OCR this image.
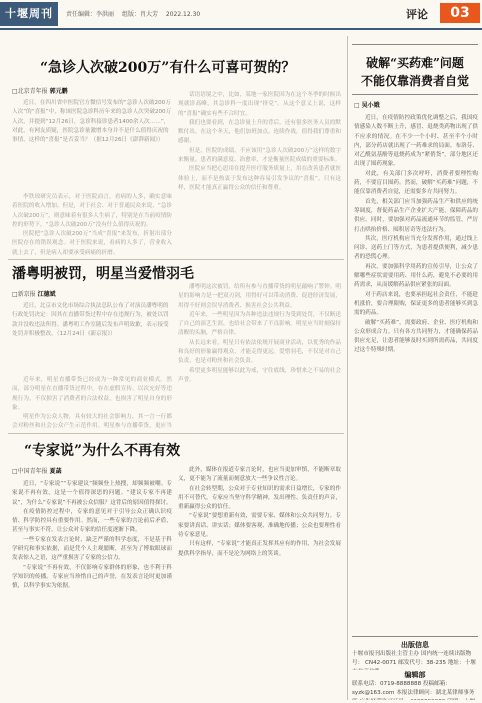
十堰周刊	责任编辑：李洪丽 组版：肖大芳 2022.12.30	评论	03
“急诊人次破200万”有什么可喜可贺的？
□北京青年报 郭元鹏

近日，在四川省中医院官方微信号发布的“急诊人次破200万人次”的“喜报”中，称该医院急诊科历年来的急诊人次突破200万人次，并提到“12月26日，急诊科接诊患者1400余人次……”，对此，有网友质疑，医院急诊量激增本身并不是什么值得庆祝的事情，这样的“喜报”是否妥当？（据12月26日《澎湃新闻》）

李铁琼研究员表示，对于医院而言，看病的人多，确实意味着医院的收入增加。但是，对于社会、对于普通民众来说，“急诊人次破200万”，则意味着有很多人生病了，特别是在当前疫情防控的形势下，“急诊人次破200万”没有什么值得庆祝的。

医院把“急诊人次破200万”当成“喜报”来发布，折射出部分医院存在的错误观念。对于医院来说，看病的人多了，营业收入就上去了，但是病人却要承受病痛的折磨。

话语语境之中，比如，某地一家医院因为在这个冬季的时候出现就诊高峰，其急诊科一度出现“挤兑”。从这个意义上说，这样的“喜报”确实有些不合时宜。

我们也要看到，在急诊量上升的背后，还有很多医务人员的默默付出。在这个冬天，他们加班加点、连续作战，值得我们尊重和感谢。

但是，医院的成绩，不应该用“急诊人次破200万”这样的数字来衡量。患者的满意度、治愈率，才是衡量医院成绩的重要标准。

医院应当把心思用在提升医疗服务质量上，用在改善患者就医体验上，而不是热衷于发布这种容易引发争议的“喜报”。只有这样，医院才能真正赢得公众的信任和尊重。

潘粤明被罚，明星当爱惜羽毛
□新京报 江德斌

近日，北京市文化市场综合执法总队公布了对演员潘粤明的行政处罚决定：因其在直播带货过程中存在违规行为，被处以罚款并没收违法所得。潘粤明工作室随后发布声明致歉，表示接受处罚并积极整改。（12月24日《新京报》）

近年来，明星直播带货已经成为一种常见的商业模式。然而，部分明星在直播带货过程中，存在虚假宣传、以次充好等违规行为，不仅损害了消费者的合法权益，也损害了明星自身的形象。

明星作为公众人物，具有较大的社会影响力，其一言一行都会对粉丝和社会公众产生示范作用。明星参与直播带货，更应当

潘粤明这次被罚，给所有参与直播带货的明星敲响了警钟。明星的影响力是一把双刃剑，用得好可以带动消费、促进经济发展，用得不好则会误导消费者、损害社会公共利益。

近年来，一些明星因为各种违法违规行为受到处罚，不仅断送了自己的演艺生涯，也给社会带来了不良影响。明星应当时刻保持清醒的头脑，严格自律。

从长远来看，明星只有依法依规开展商业活动，以优秀的作品和良好的形象赢得观众，才能走得更远。爱惜羽毛，不仅是对自己负责，也是对粉丝和社会负责。

希望更多明星能够以此为戒，守住底线，珍惜来之不易的社会声誉。

“专家说”为什么不再有效
□中国青年报 夏菡

近日，“专家说”“专家建议”频频登上热搜，却频频被嘲。专家说不再有效，这是一个值得深思的问题。“建议专家不再建议”，为什么“专家说”不再被公众信服？这背后的原因值得探讨。

在疫情防控过程中，专家的意见对于引导公众正确认识疫情、科学防控具有重要作用。然而，一些专家的言论前后矛盾，甚至与事实不符，让公众对专家的信任度逐渐下降。

一些专家在发表言论时，缺乏严谨的科学态度，不是基于科学研究和事实依据，而是凭个人主观臆断，甚至为了博取眼球而发表惊人之语，这严重损害了专家的公信力。

“专家说”不再有效，不仅影响专家群体的形象，也不利于科学知识的传播。专家应当珍惜自己的声誉，在发表言论时更加谨慎，以科学事实为依据。

此外，媒体在报道专家言论时，也应当更加审慎，不能断章取义，更不能为了流量而刻意放大一些争议性言论。

在社会转型期，公众对于专业知识的需求日益增长，专家的作用不可替代。专家应当坚守科学精神，发出理性、负责任的声音，重新赢得公众的信任。

“专家说”要想重新有效，需要专家、媒体和公众共同努力。专家要讲真话、讲实话；媒体要客观、准确地传播；公众也要理性看待专家意见。

只有这样，“专家说”才能真正发挥其应有的作用，为社会发展提供科学指导，而不是沦为网络上的笑谈。

破解“买药难”问题
不能仅靠消费者自觉
□ 吴小娥

近日，在疫情防控政策优化调整之后，我国疫情感染人数不断上升，感冒、退烧类药物出现了供不应求的情况。在不少一个小时、甚至半个小时内，部分药店就出现了一药难求的局面。布洛芬、对乙酰氨基酚等退烧药成为“紧俏货”，部分地区还出现了囤药现象。

对此，有关部门多次呼吁，消费者要理性购药，不要盲目囤药。然而，破解“买药难”问题，不能仅靠消费者自觉，还需要多方共同努力。

首先，相关部门应当加强药品生产和供应的统筹调度，督促药品生产企业扩大产能，保障药品的供应。同时，要加强对药品流通环节的监管，严厉打击哄抬价格、囤积居奇等违法行为。

其次，医疗机构应当充分发挥作用，通过线上问诊、送药上门等方式，为患者提供便利，减少患者的恐慌心理。

再次，要加强科学用药的宣传引导，让公众了解哪些症状需要用药、用什么药，避免不必要的用药需求，从而缓解药品供应紧张的局面。

对于药店来说，也要承担起社会责任，不能趁机涨价，要合理限购，保证更多的患者能够买到急需的药品。

破解“买药难”，需要政府、企业、医疗机构和公众形成合力。只有各方共同努力，才能确保药品供应充足，让患者能够及时买到所需药品，共同度过这个特殊时期。

出版信息
十堰市报刊出版社主管主办 国内统一连续出版物号： CN42-0071 邮发代号：38-235 地址：十堰
编辑部
联系电话：0719-8888888 投稿邮箱：syzk@163.com 本报法律顾问：湖北某律师事务
